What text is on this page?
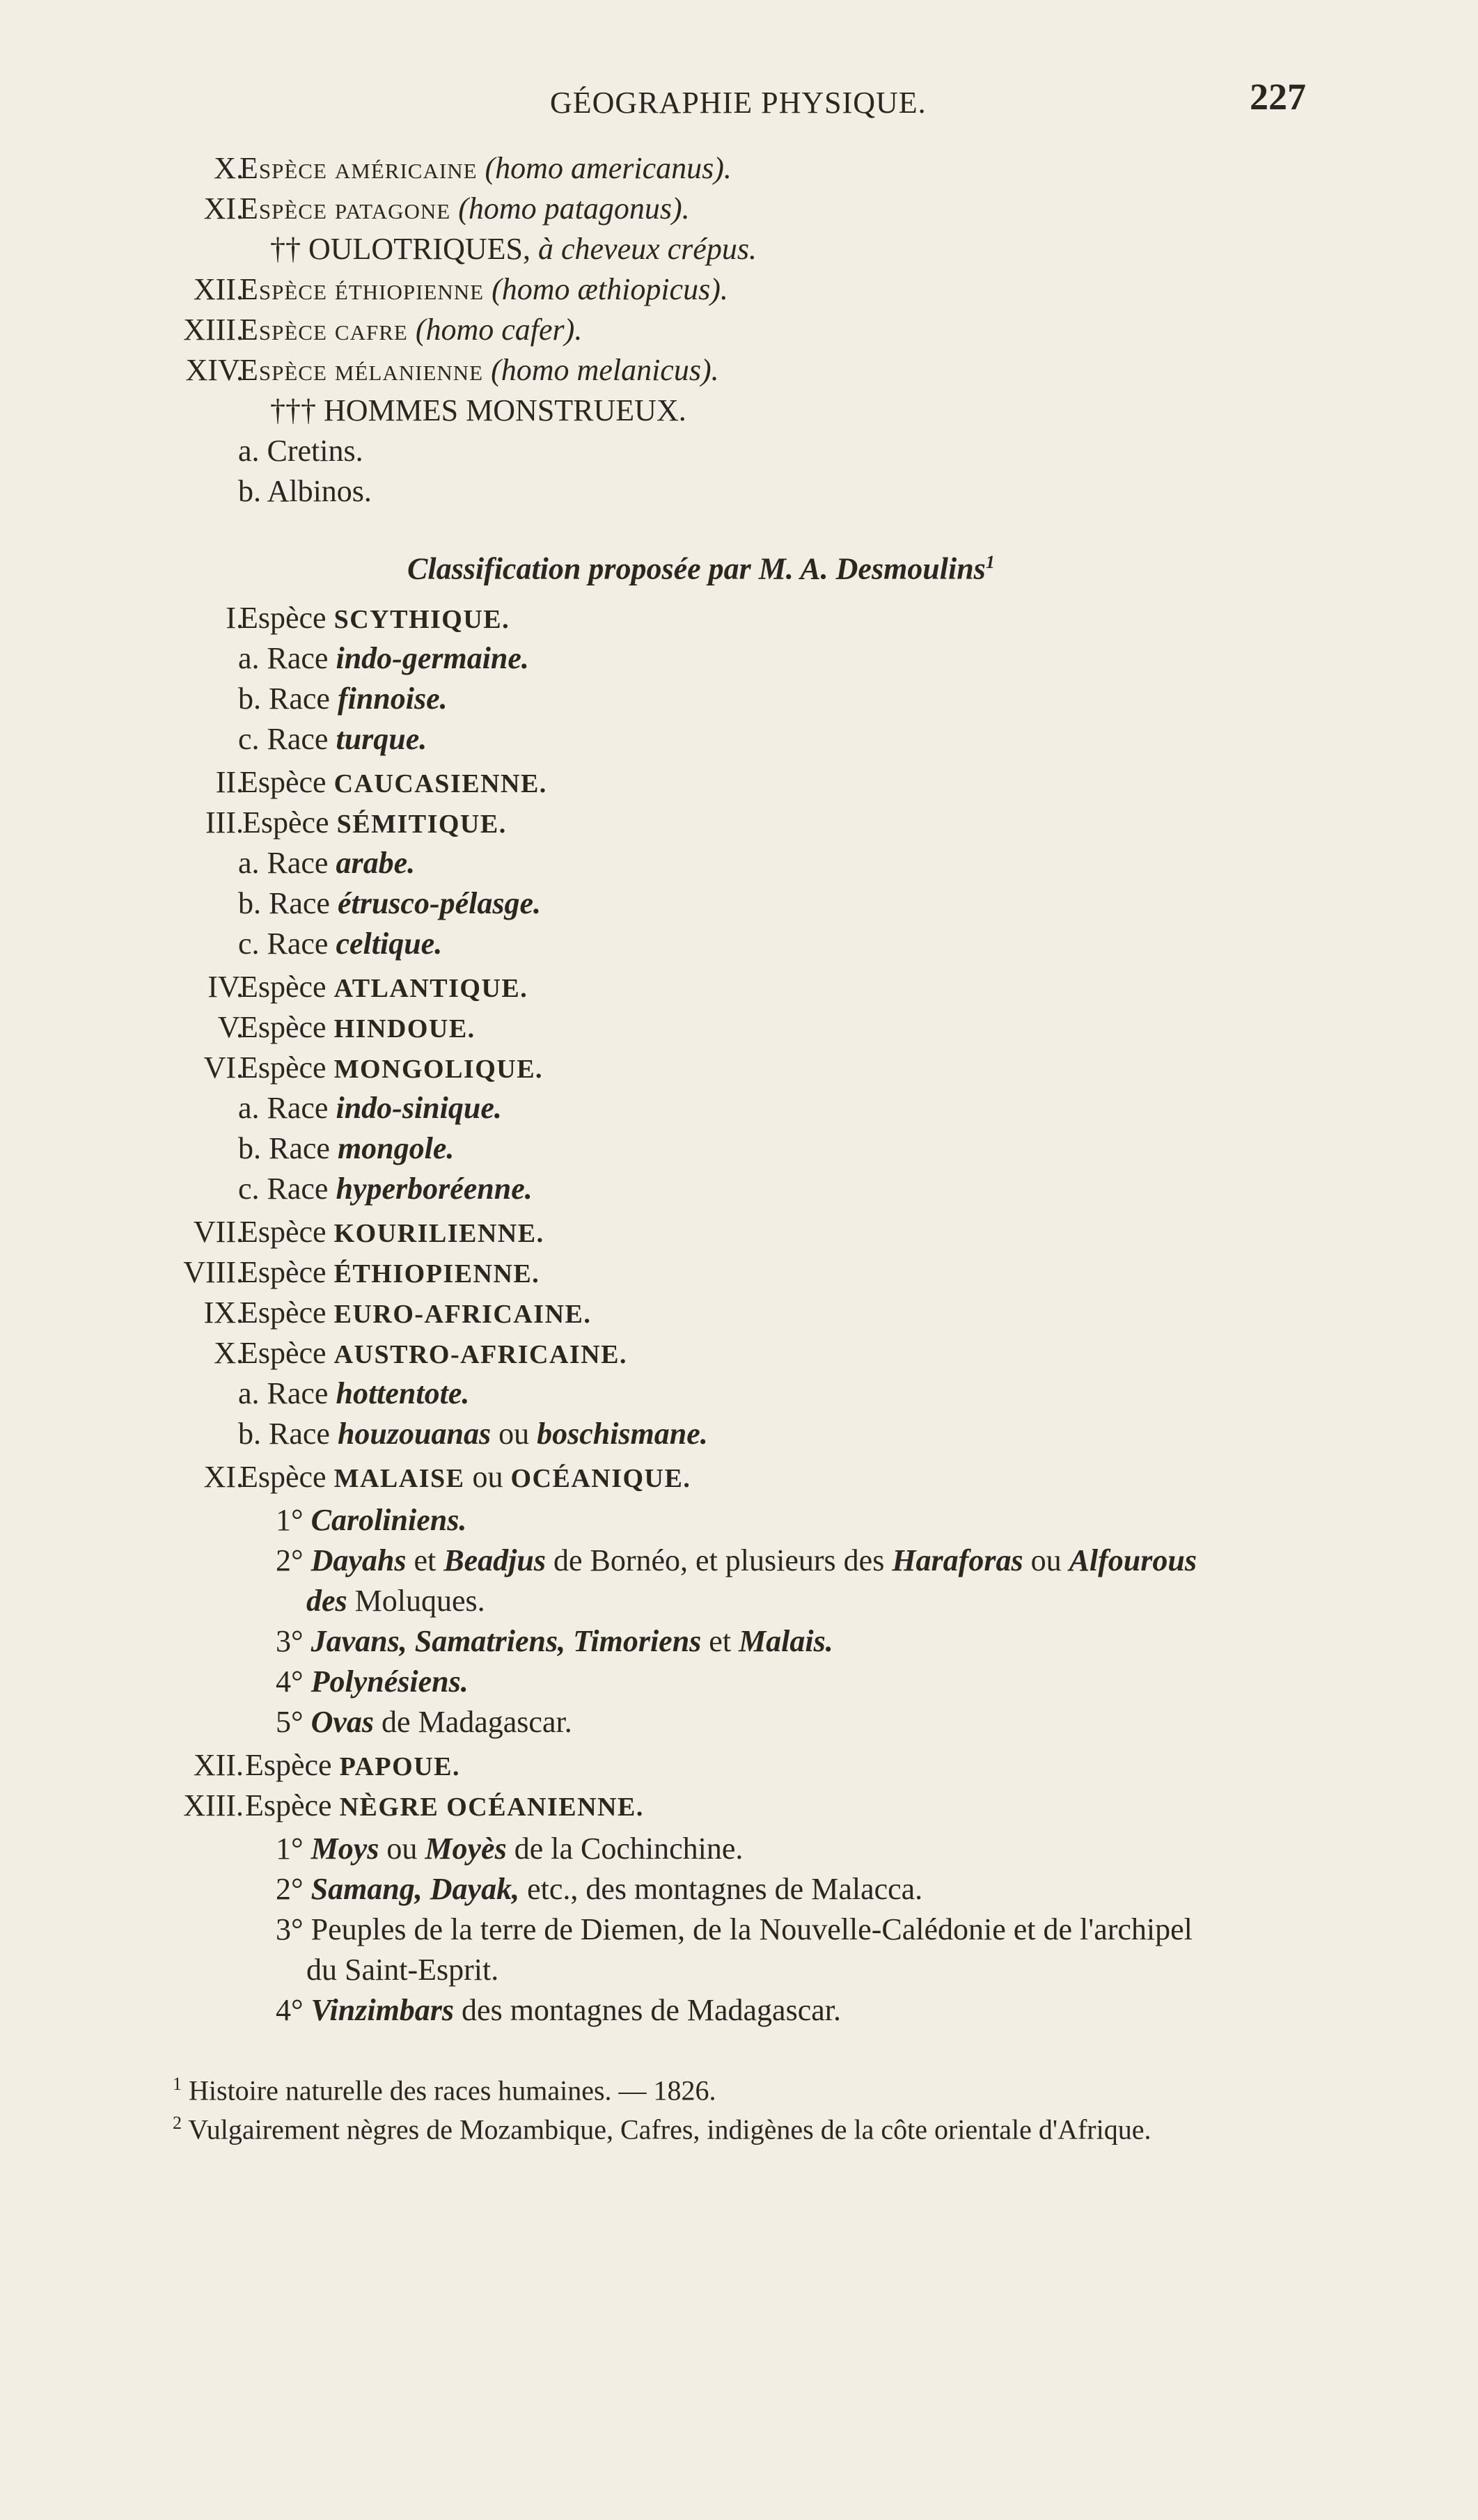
GÉOGRAPHIE PHYSIQUE.	227
X.
Espèce américaine (homo americanus).
XI.
Espèce patagone (homo patagonus).
†† OULOTRIQUES, à cheveux crépus.
XII.
Espèce éthiopienne (homo æthiopicus).
XIII.
Espèce cafre (homo cafer).
XIV.
Espèce mélanienne (homo melanicus).
††† HOMMES MONSTRUEUX.
a. Cretins.
b. Albinos.
Classification proposée par M. A. Desmoulins$^1$
I.
Espèce SCYTHIQUE.
a. Race indo-germaine.
b. Race finnoise.
c. Race turque.
II.
Espèce CAUCASIENNE.
III.
Espèce SÉMITIQUE.
a. Race arabe.
b. Race étrusco-pélasge.
c. Race celtique.
IV.
Espèce ATLANTIQUE.
V.
Espèce HINDOUE.
VI.
Espèce MONGOLIQUE.
a. Race indo-sinique.
b. Race mongole.
c. Race hyperboréenne.
VII.
Espèce KOURILIENNE.
VIII.
Espèce ÉTHIOPIENNE.
IX.
Espèce EURO-AFRICAINE.
X.
Espèce AUSTRO-AFRICAINE.
a. Race hottentote.
b. Race houzouanas ou boschismane.
XI.
Espèce MALAISE ou OCÉANIQUE.
1° Caroliniens.
2° Dayahs et Beadjus de Bornéo, et plusieurs des Haraforas ou Alfourous
des Moluques.
3° Javans, Samatriens, Timoriens et Malais.
4° Polynésiens.
5° Ovas de Madagascar.
XII. Espèce PAPOUE.
XIII. Espèce NÈGRE OCÉANIENNE.
1° Moys ou Moyès de la Cochinchine.
2° Samang, Dayak, etc., des montagnes de Malacca.
3° Peuples de la terre de Diemen, de la Nouvelle-Calédonie et de l'archipel
du Saint-Esprit.
4° Vinzimbars des montagnes de Madagascar.
$^1$ Histoire naturelle des races humaines. — 1826.
$^2$ Vulgairement nègres de Mozambique, Cafres, indigènes de la côte orientale d'Afrique.
